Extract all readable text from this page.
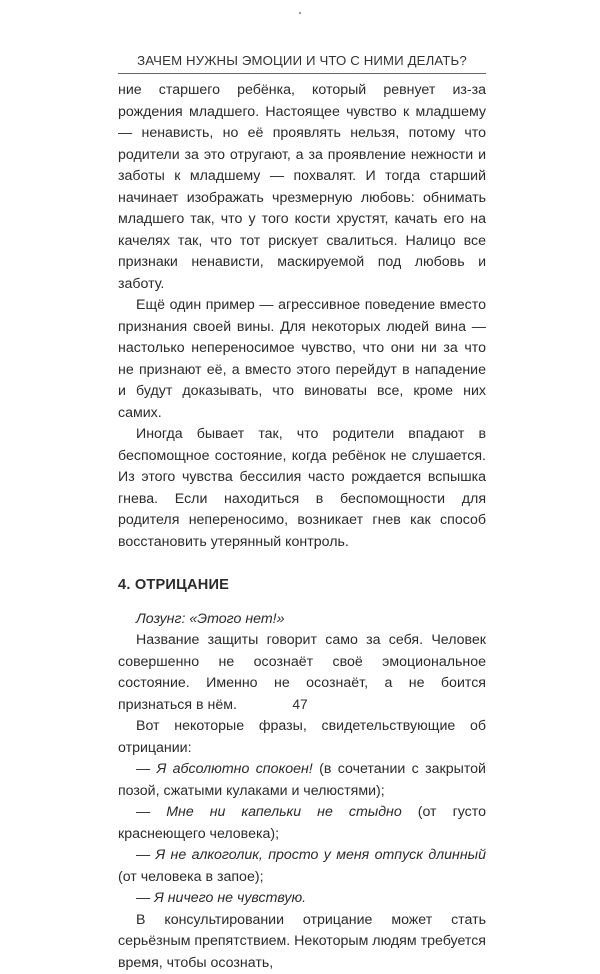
ЗАЧЕМ НУЖНЫ ЭМОЦИИ И ЧТО С НИМИ ДЕЛАТЬ?

ние старшего ребёнка, который ревнует из-за рождения младшего. Настоящее чувство к младшему — ненависть, но её проявлять нельзя, потому что родители за это отругают, а за проявление нежности и заботы к младшему — похвалят. И тогда старший начинает изображать чрезмерную любовь: обнимать младшего так, что у того кости хрустят, качать его на качелях так, что тот рискует свалиться. Налицо все признаки ненависти, маскируемой под любовь и заботу.

Ещё один пример — агрессивное поведение вместо признания своей вины. Для некоторых людей вина — настолько непереносимое чувство, что они ни за что не признают её, а вместо этого перейдут в нападение и будут доказывать, что виноваты все, кроме них самих.

Иногда бывает так, что родители впадают в беспомощное состояние, когда ребёнок не слушается. Из этого чувства бессилия часто рождается вспышка гнева. Если находиться в беспомощности для родителя непереносимо, возникает гнев как способ восстановить утерянный контроль.

4. ОТРИЦАНИЕ

Лозунг: «Этого нет!»

Название защиты говорит само за себя. Человек совершенно не осознаёт своё эмоциональное состояние. Именно не осознаёт, а не боится признаться в нём.

Вот некоторые фразы, свидетельствующие об отрицании:

— Я абсолютно спокоен! (в сочетании с закрытой позой, сжатыми кулаками и челюстями);

— Мне ни капельки не стыдно (от густо краснеющего человека);

— Я не алкоголик, просто у меня отпуск длинный (от человека в запое);

— Я ничего не чувствую.

В консультировании отрицание может стать серьёзным препятствием. Некоторым людям требуется время, чтобы осознать,

47
